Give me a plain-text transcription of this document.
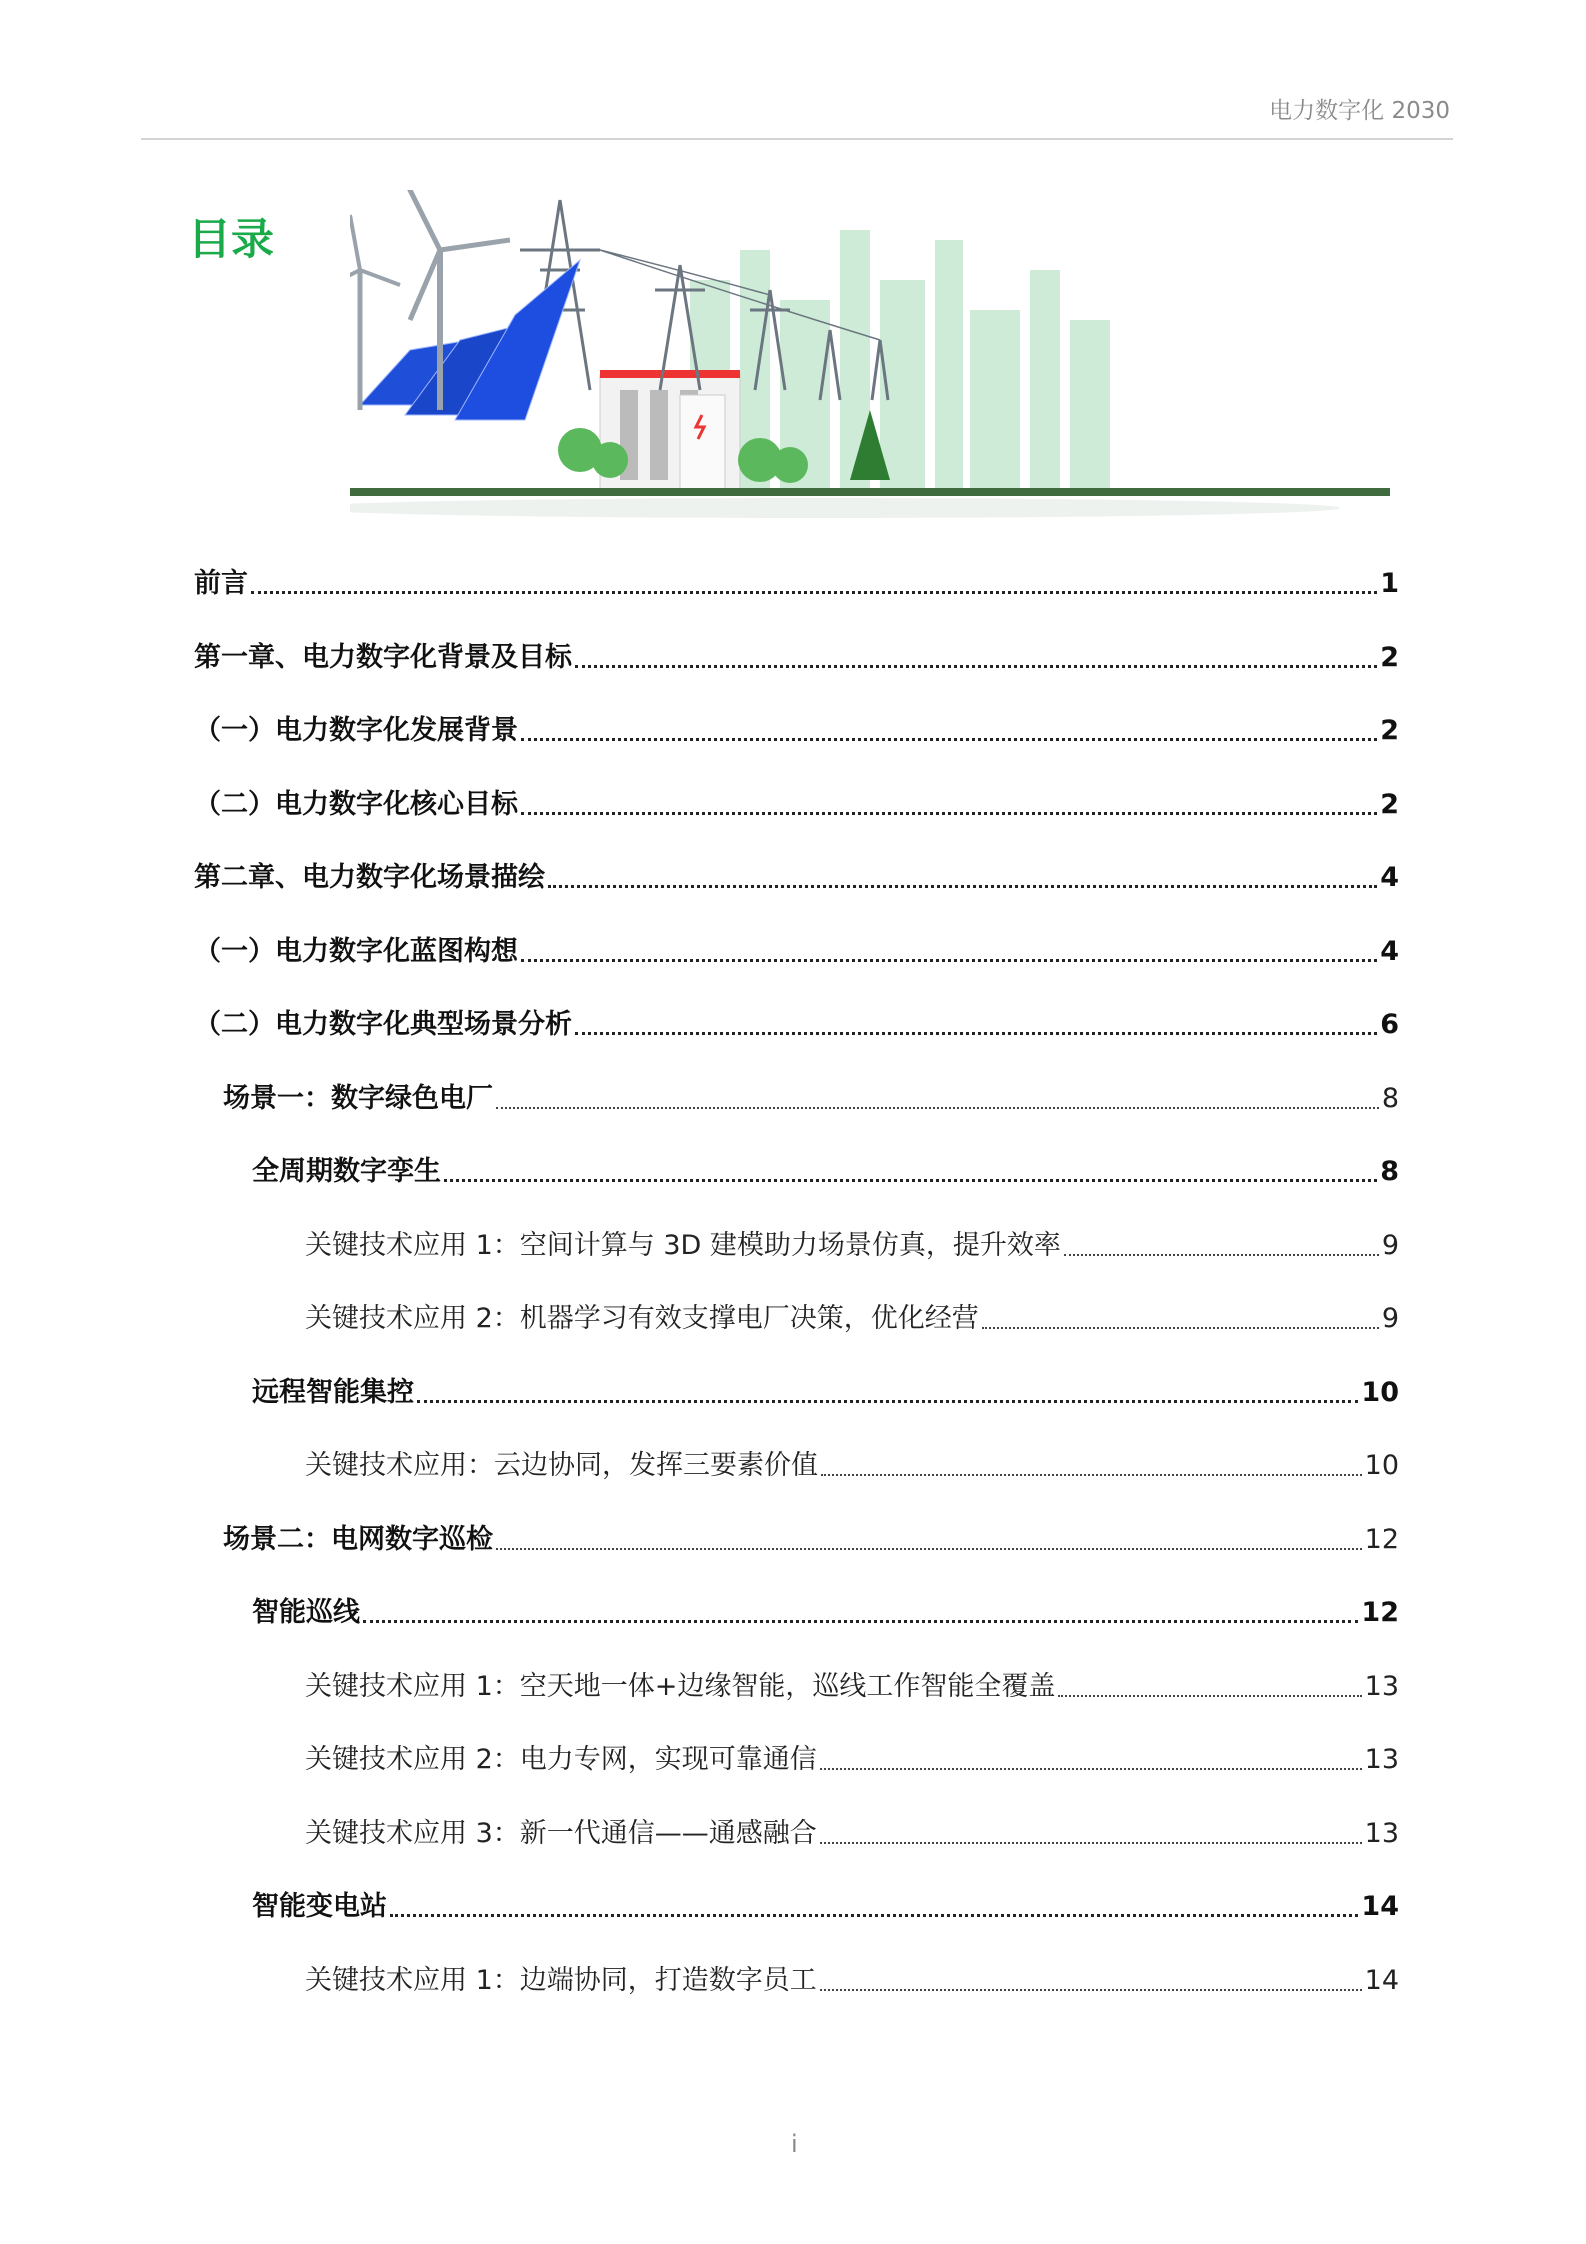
电力数字化 2030
目录
前言	1
第一章、电力数字化背景及目标	2
（一）电力数字化发展背景	2
（二）电力数字化核心目标	2
第二章、电力数字化场景描绘	4
（一）电力数字化蓝图构想	4
（二）电力数字化典型场景分析	6
场景一：数字绿色电厂	8
全周期数字孪生	8
关键技术应用 1：空间计算与 3D 建模助力场景仿真，提升效率	9
关键技术应用 2：机器学习有效支撑电厂决策，优化经营	9
远程智能集控	10
关键技术应用：云边协同，发挥三要素价值	10
场景二：电网数字巡检	12
智能巡线	12
关键技术应用 1：空天地一体+边缘智能，巡线工作智能全覆盖	13
关键技术应用 2：电力专网，实现可靠通信	13
关键技术应用 3：新一代通信——通感融合	13
智能变电站	14
关键技术应用 1：边端协同，打造数字员工	14
i
